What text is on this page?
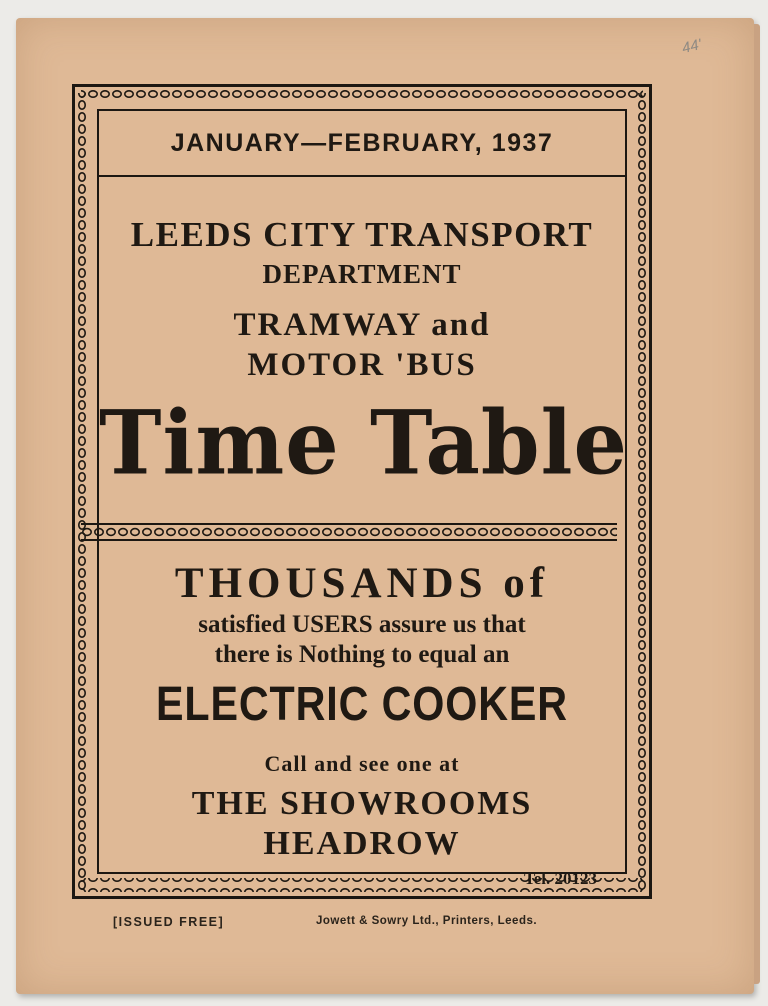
44'

JANUARY—FEBRUARY, 1937

LEEDS CITY TRANSPORT

DEPARTMENT

TRAMWAY and

MOTOR 'BUS

Time Table

THOUSANDS of

satisfied USERS assure us that

there is Nothing to equal an

ELECTRIC COOKER

Call and see one at

THE SHOWROOMS

HEADROW

Tel. 20123

[ISSUED FREE]	Jowett & Sowry Ltd., Printers, Leeds.
